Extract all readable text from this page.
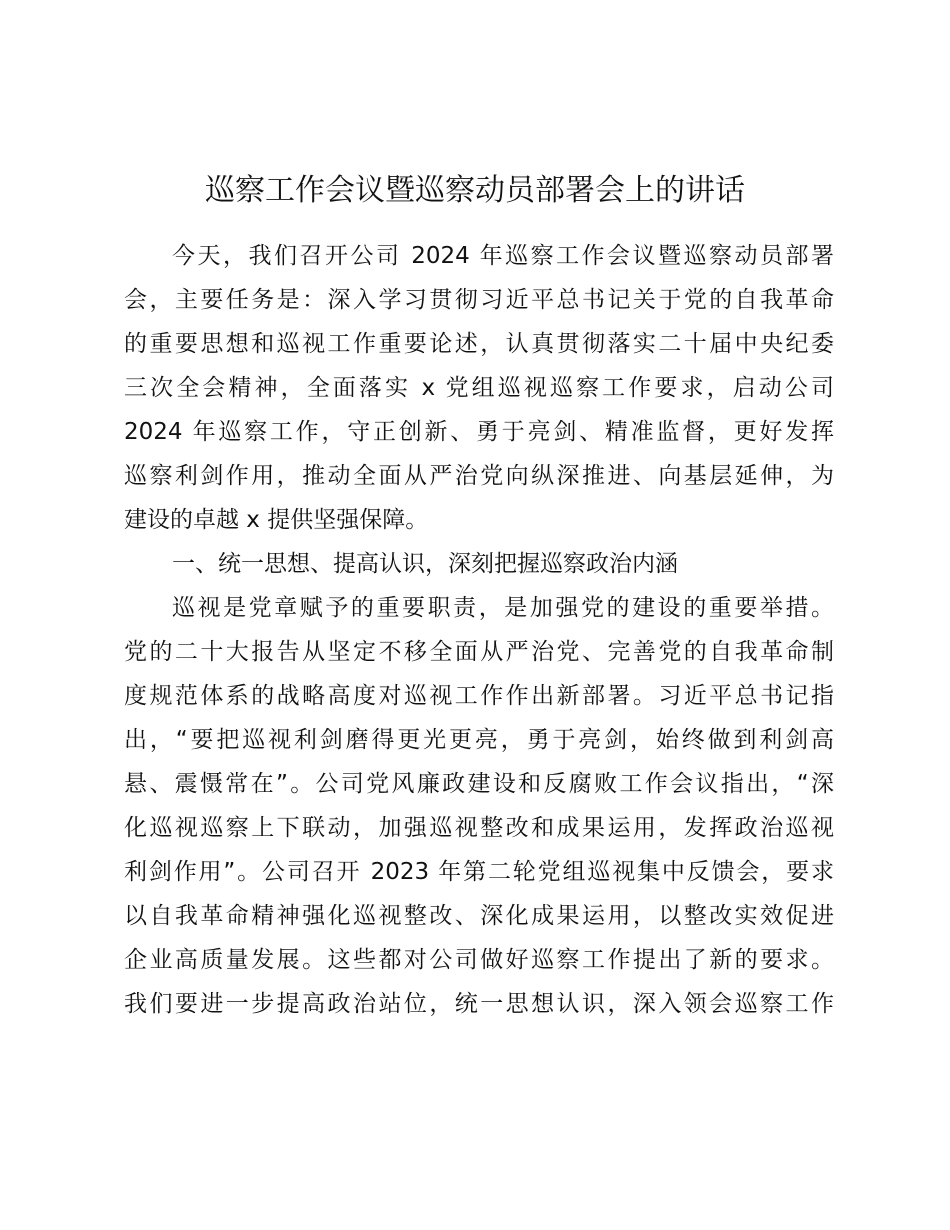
巡察工作会议暨巡察动员部署会上的讲话
今天，我们召开公司 2024 年巡察工作会议暨巡察动员部署
会，主要任务是：深入学习贯彻习近平总书记关于党的自我革命
的重要思想和巡视工作重要论述，认真贯彻落实二十届中央纪委
三次全会精神，全面落实 x 党组巡视巡察工作要求，启动公司
2024 年巡察工作，守正创新、勇于亮剑、精准监督，更好发挥
巡察利剑作用，推动全面从严治党向纵深推进、向基层延伸，为
建设的卓越 x 提供坚强保障。
一、统一思想、提高认识，深刻把握巡察政治内涵
巡视是党章赋予的重要职责，是加强党的建设的重要举措。
党的二十大报告从坚定不移全面从严治党、完善党的自我革命制
度规范体系的战略高度对巡视工作作出新部署。习近平总书记指
出，“要把巡视利剑磨得更光更亮，勇于亮剑，始终做到利剑高
悬、震慑常在”。公司党风廉政建设和反腐败工作会议指出，“深
化巡视巡察上下联动，加强巡视整改和成果运用，发挥政治巡视
利剑作用”。公司召开 2023 年第二轮党组巡视集中反馈会，要求
以自我革命精神强化巡视整改、深化成果运用，以整改实效促进
企业高质量发展。这些都对公司做好巡察工作提出了新的要求。
我们要进一步提高政治站位，统一思想认识，深入领会巡察工作
